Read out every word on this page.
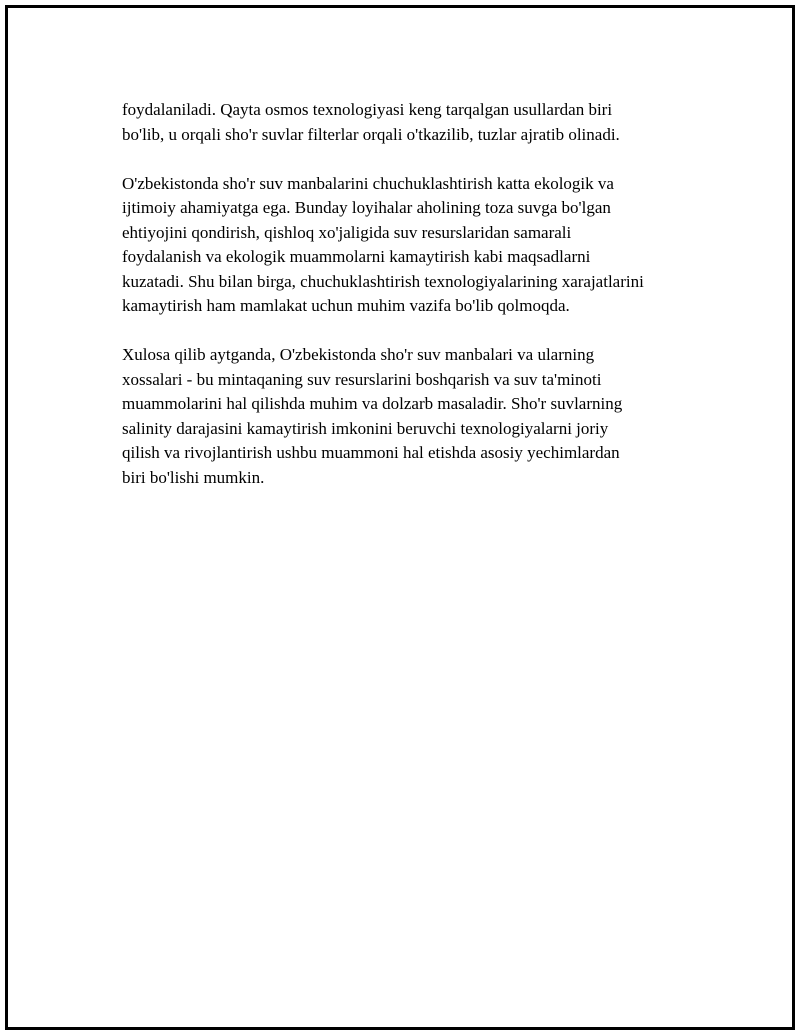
foydalaniladi. Qayta osmos texnologiyasi keng tarqalgan usullardan biri
bo'lib, u orqali sho'r suvlar filterlar orqali o'tkazilib, tuzlar ajratib olinadi.

O'zbekistonda sho'r suv manbalarini chuchuklashtirish katta ekologik va
ijtimoiy ahamiyatga ega. Bunday loyihalar aholining toza suvga bo'lgan
ehtiyojini qondirish, qishloq xo'jaligida suv resurslaridan samarali
foydalanish va ekologik muammolarni kamaytirish kabi maqsadlarni
kuzatadi. Shu bilan birga, chuchuklashtirish texnologiyalarining xarajatlarini
kamaytirish ham mamlakat uchun muhim vazifa bo'lib qolmoqda.

Xulosa qilib aytganda, O'zbekistonda sho'r suv manbalari va ularning
xossalari - bu mintaqaning suv resurslarini boshqarish va suv ta'minoti
muammolarini hal qilishda muhim va dolzarb masaladir. Sho'r suvlarning
salinity darajasini kamaytirish imkonini beruvchi texnologiyalarni joriy
qilish va rivojlantirish ushbu muammoni hal etishda asosiy yechimlardan
biri bo'lishi mumkin.
